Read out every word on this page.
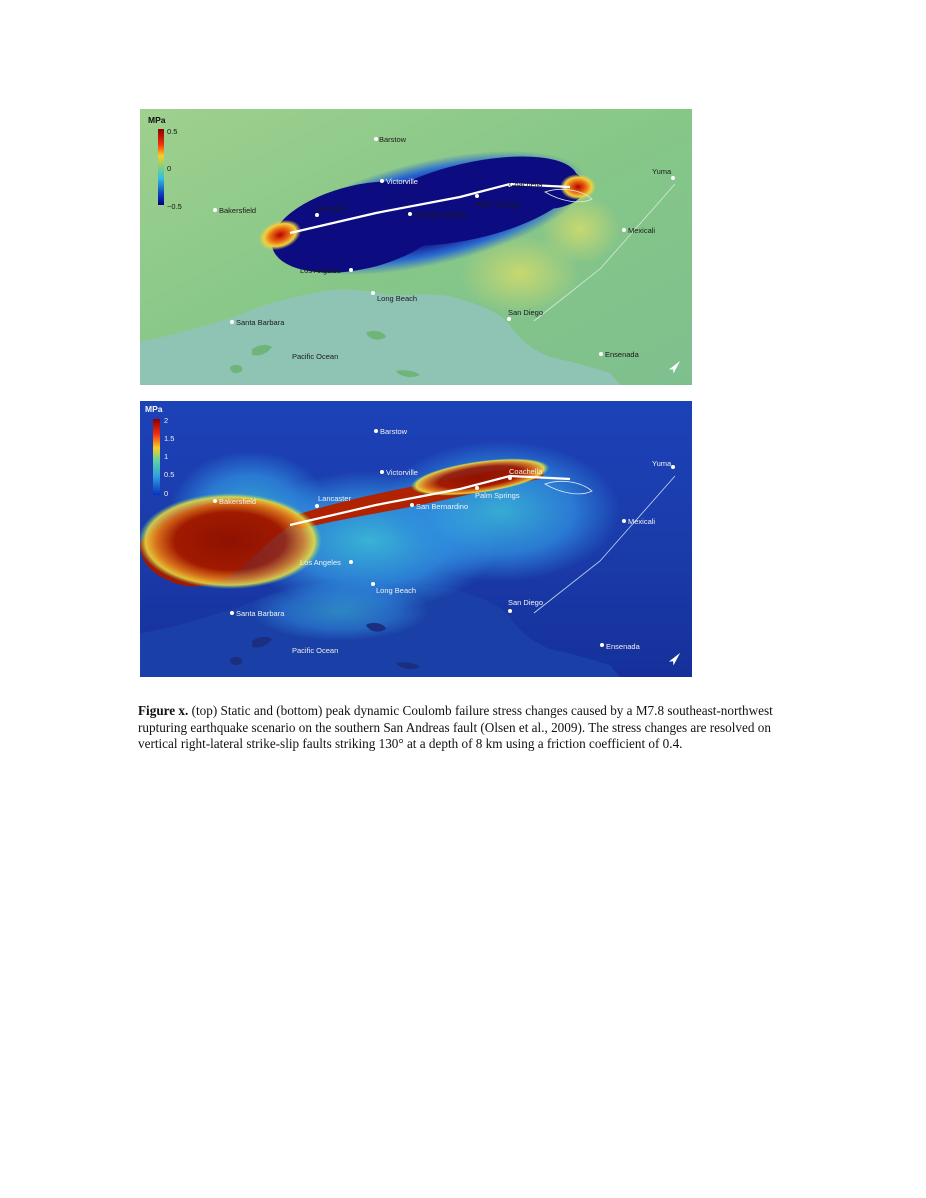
MPa
0.5
0
−0.5
Barstow
Victorville	Coachella
Yuma
Bakersfield	Lancaster	Palm Springs
San Bernardino
Mexicali
Los Angeles
Long Beach
San Diego
Santa Barbara
Ensenada
Pacific Ocean
MPa
2
1.5
1
0.5
0
Barstow
Victorville	Coachella
Yuma
Bakersfield	Lancaster	Palm Springs
San Bernardino
Mexicali
Los Angeles
Long Beach
San Diego
Santa Barbara
Ensenada
Pacific Ocean

Figure x. (top) Static and (bottom) peak dynamic Coulomb failure stress changes caused by a M7.8 southeast-northwest rupturing earthquake scenario on the southern San Andreas fault (Olsen et al., 2009). The stress changes are resolved on vertical right-lateral strike-slip faults striking 130° at a depth of 8 km using a friction coefficient of 0.4.
